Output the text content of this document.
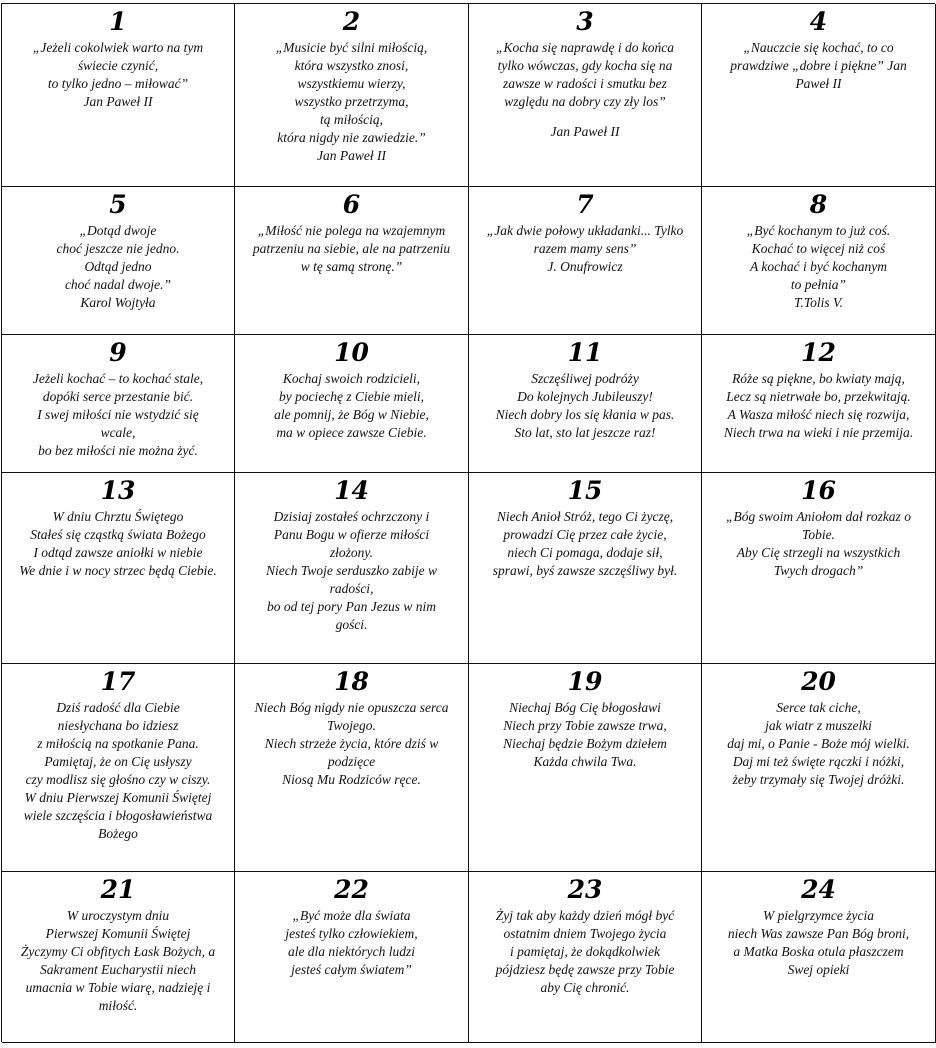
1
„Jeżeli cokolwiek warto na tym
świecie czynić,
to tylko jedno – miłować”
Jan Paweł II
2
„Musicie być silni miłością,
która wszystko znosi,
wszystkiemu wierzy,
wszystko przetrzyma,
tą miłością,
która nigdy nie zawiedzie.”
Jan Paweł II
3
„Kocha się naprawdę i do końca
tylko wówczas, gdy kocha się na
zawsze w radości i smutku bez
względu na dobry czy zły los”
Jan Paweł II
4
„Nauczcie się kochać, to co
prawdziwe „dobre i piękne” Jan
Paweł II
5
„Dotąd dwoje
choć jeszcze nie jedno.
Odtąd jedno
choć nadal dwoje.”
Karol Wojtyła
6
„Miłość nie polega na wzajemnym
patrzeniu na siebie, ale na patrzeniu
w tę samą stronę.”
7
„Jak dwie połowy układanki... Tylko
razem mamy sens”
J. Onufrowicz
8
„Być kochanym to już coś.
Kochać to więcej niż coś
A kochać i być kochanym
to pełnia”
T.Tolis V.
9
Jeżeli kochać – to kochać stale,
dopóki serce przestanie bić.
I swej miłości nie wstydzić się
wcale,
bo bez miłości nie można żyć.
10
Kochaj swoich rodzicieli,
by pociechę z Ciebie mieli,
ale pomnij, że Bóg w Niebie,
ma w opiece zawsze Ciebie.
11
Szczęśliwej podróży
Do kolejnych Jubileuszy!
Niech dobry los się kłania w pas.
Sto lat, sto lat jeszcze raz!
12
Róże są piękne, bo kwiaty mają,
Lecz są nietrwałe bo, przekwitają.
A Wasza miłość niech się rozwija,
Niech trwa na wieki i nie przemija.
13
W dniu Chrztu Świętego
Stałeś się cząstką świata Bożego
I odtąd zawsze aniołki w niebie
We dnie i w nocy strzec będą Ciebie.
14
Dzisiaj zostałeś ochrzczony i
Panu Bogu w ofierze miłości
złożony.
Niech Twoje serduszko zabije w
radości,
bo od tej pory Pan Jezus w nim
gości.
15
Niech Anioł Stróż, tego Ci życzę,
prowadzi Cię przez całe życie,
niech Ci pomaga, dodaje sił,
sprawi, byś zawsze szczęśliwy był.
16
„Bóg swoim Aniołom dał rozkaz o
Tobie.
Aby Cię strzegli na wszystkich
Twych drogach”
17
Dziś radość dla Ciebie
niesłychana bo idziesz
z miłością na spotkanie Pana.
Pamiętaj, że on Cię usłyszy
czy modlisz się głośno czy w ciszy.
W dniu Pierwszej Komunii Świętej
wiele szczęścia i błogosławieństwa
Bożego
18
Niech Bóg nigdy nie opuszcza serca
Twojego.
Niech strzeże życia, które dziś w
podzięce
Niosą Mu Rodziców ręce.
19
Niechaj Bóg Cię błogosławi
Niech przy Tobie zawsze trwa,
Niechaj będzie Bożym dziełem
Każda chwila Twa.
20
Serce tak ciche,
jak wiatr z muszelki
daj mi, o Panie - Boże mój wielki.
Daj mi też święte rączki i nóżki,
żeby trzymały się Twojej dróżki.
21
W uroczystym dniu
Pierwszej Komunii Świętej
Życzymy Ci obfitych Łask Bożych, a
Sakrament Eucharystii niech
umacnia w Tobie wiarę, nadzieję i
miłość.
22
„Być może dla świata
jesteś tylko człowiekiem,
ale dla niektórych ludzi
jesteś całym światem”
23
Żyj tak aby każdy dzień mógł być
ostatnim dniem Twojego życia
i pamiętaj, że dokądkolwiek
pójdziesz będę zawsze przy Tobie
aby Cię chronić.
24
W pielgrzymce życia
niech Was zawsze Pan Bóg broni,
a Matka Boska otula płaszczem
Swej opieki
